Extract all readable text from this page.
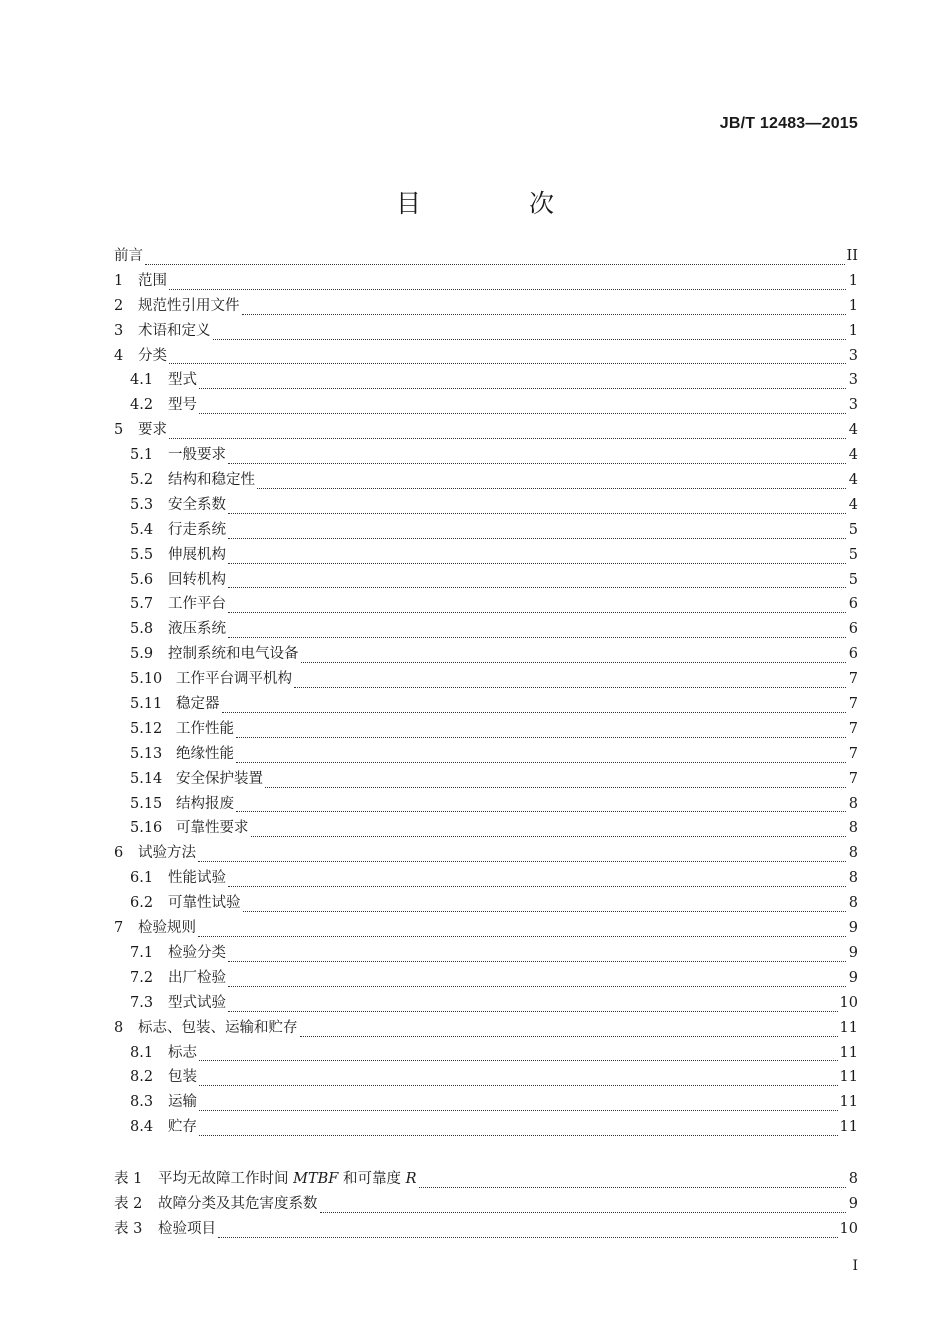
JB/T 12483—2015
目 次
前言	II
1	范围	1
2	规范性引用文件	1
3	术语和定义	1
4	分类	3
4.1	型式	3
4.2	型号	3
5	要求	4
5.1	一般要求	4
5.2	结构和稳定性	4
5.3	安全系数	4
5.4	行走系统	5
5.5	伸展机构	5
5.6	回转机构	5
5.7	工作平台	6
5.8	液压系统	6
5.9	控制系统和电气设备	6
5.10 工作平台调平机构	7
5.11 稳定器	7
5.12 工作性能	7
5.13 绝缘性能	7
5.14 安全保护装置	7
5.15 结构报废	8
5.16 可靠性要求	8
6	试验方法	8
6.1	性能试验	8
6.2	可靠性试验	8
7	检验规则	9
7.1	检验分类	9
7.2	出厂检验	9
7.3	型式试验	10
8	标志、包装、运输和贮存	11
8.1	标志	11
8.2	包装	11
8.3	运输	11
8.4	贮存	11
表 1	平均无故障工作时间 MTBF 和可靠度 R	8
表 2	故障分类及其危害度系数	9
表 3	检验项目	10
I
